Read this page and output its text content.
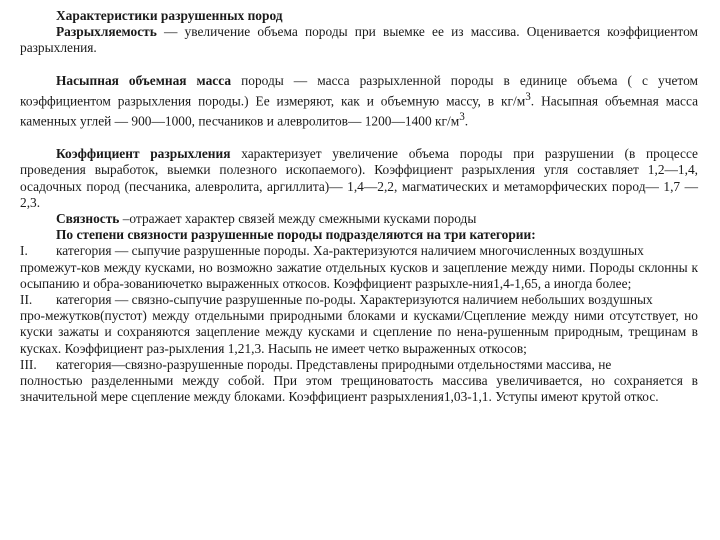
Характеристики разрушенных пород

Разрыхляемость — увеличение объема породы при выемке ее из массива. Оценивается коэффициентом разрыхления.

Насыпная объемная масса породы — масса разрыхленной породы в единице объема ( с учетом коэффициентом разрыхления породы.) Ее измеряют, как и объемную массу, в $кг/м^3$. Насыпная объемная масса каменных углей — 900—1000, песчаников и алевролитов— 1200—1400 $кг/м^3$.

Коэффициент разрыхления характеризует увеличение объема породы при разрушении (в процессе проведения выработок, выемки полезного ископаемого). Коэффициент разрыхления угля составляет 1,2—1,4, осадочных пород (песчаника, алевролита, аргиллита)— 1,4—2,2, магматических и метаморфических пород— 1,7 —2,3.

Связность –отражает характер связей между смежными кусками породы

По степени связности разрушенные породы подразделяются на три категории:

I.	категория — сыпучие разрушенные породы. Ха-рактеризуются наличием многочисленных воздушных

промежут-ков между кусками, но возможно зажатие отдельных кусков и зацепление между ними. Породы склонны к осыпанию и обра-зованиючетко выраженных откосов. Коэффициент разрыхле-ния1,4-1,65, а иногда более;

II.	категория — связно-сыпучие разрушенные по-роды. Характеризуются наличием небольших воздушных

про-межутков(пустот) между отдельными природными блоками и кусками/Сцепление между ними отсутствует, но куски зажаты и сохраняются зацепление между кусками и сцепление по нена-рушенным природным, трещинам в кусках. Коэффициент раз-рыхления 1,21,3. Насыпь не имеет четко выраженных откосов;

III.	категория—связно-разрушенные породы. Представлены природными отдельностями массива, не

полностью разделенными между собой. При этом трещиноватость массива увеличивается, но сохраняется в значительной мере сцепление между блоками. Коэффициент разрыхления1,03-1,1. Уступы имеют крутой откос.
